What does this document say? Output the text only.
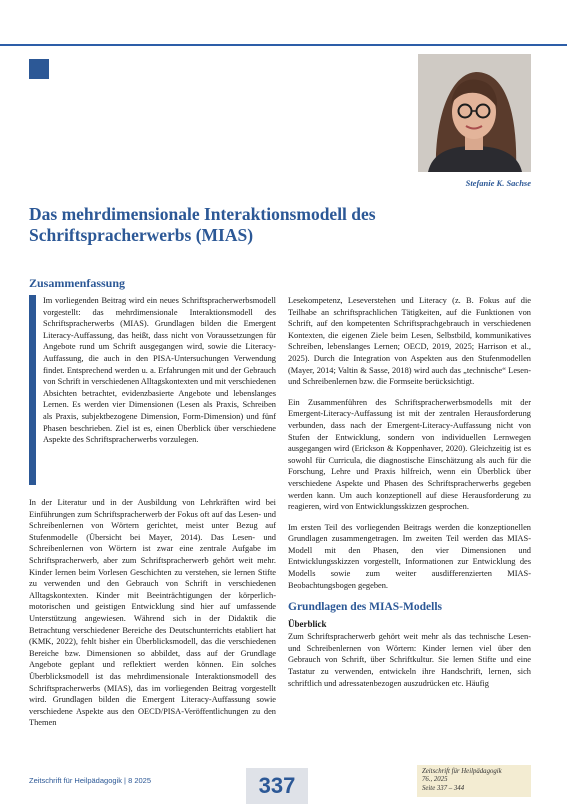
Stefanie K. Sachse
Das mehrdimensionale Interaktionsmodell des Schriftspracherwerbs (MIAS)
Zusammenfassung

Im vorliegenden Beitrag wird ein neues Schriftspracherwerbsmodell vorgestellt: das mehrdimensionale Interaktionsmodell des Schriftspracherwerbs (MIAS). Grundlagen bilden die Emergent Literacy-Auffassung, das heißt, dass nicht von Voraussetzungen für Angebote rund um Schrift ausgegangen wird, sowie die Literacy-Auffassung, die auch in den PISA-Untersuchungen Verwendung findet. Entsprechend werden u. a. Erfahrungen mit und der Gebrauch von Schrift in verschiedenen Alltagskontexten und mit verschiedenen Absichten betrachtet, evidenzbasierte Angebote und lebenslanges Lernen. Es werden vier Dimensionen (Lesen als Praxis, Schreiben als Praxis, subjektbezogene Dimension, Form-Dimension) und fünf Phasen beschrieben. Ziel ist es, einen Überblick über verschiedene Aspekte des Schriftspracherwerbs vorzulegen.

In der Literatur und in der Ausbildung von Lehrkräften wird bei Einführungen zum Schriftspracherwerb der Fokus oft auf das Lesen- und Schreibenlernen von Wörtern gerichtet, meist unter Bezug auf Stufenmodelle (Übersicht bei Mayer, 2014). Das Lesen- und Schreibenlernen von Wörtern ist zwar eine zentrale Aufgabe im Schriftspracherwerb, aber zum Schriftspracherwerb gehört weit mehr. Kinder lernen beim Vorlesen Geschichten zu verstehen, sie lernen Stifte zu verwenden und den Gebrauch von Schrift in verschiedenen Alltagskontexten. Kinder mit Beeinträchtigungen der körperlich-motorischen und geistigen Entwicklung sind hier auf umfassende Unterstützung angewiesen. Während sich in der Didaktik die Betrachtung verschiedener Bereiche des Deutschunterrichts etabliert hat (KMK, 2022), fehlt bisher ein Überblicksmodell, das die verschiedenen Bereiche bzw. Dimensionen so abbildet, dass auf der Grundlage Angebote geplant und reflektiert werden können. Ein solches Überblicksmodell ist das mehrdimensionale Interaktionsmodell des Schriftspracherwerbs (MIAS), das im vorliegenden Beitrag vorgestellt wird. Grundlagen bilden die Emergent Literacy-Auffassung sowie verschiedene Aspekte aus den OECD/PISA-Veröffentlichungen zu den Themen

Lesekompetenz, Leseverstehen und Literacy (z. B. Fokus auf die Teilhabe an schriftsprachlichen Tätigkeiten, auf die Funktionen von Schrift, auf den kompetenten Schriftsprachgebrauch in verschiedenen Kontexten, die eigenen Ziele beim Lesen, Selbstbild, kommunikatives Schreiben, lebenslanges Lernen; OECD, 2019, 2025; Harrison et al., 2025). Durch die Integration von Aspekten aus den Stufenmodellen (Mayer, 2014; Valtin & Sasse, 2018) wird auch das „technische“ Lesen- und Schreibenlernen bzw. die Formseite berücksichtigt.

Ein Zusammenführen des Schriftspracherwerbsmodells mit der Emergent-Literacy-Auffassung ist mit der zentralen Herausforderung verbunden, dass nach der Emergent-Literacy-Auffassung nicht von Stufen der Entwicklung, sondern von individuellen Lernwegen ausgegangen wird (Erickson & Koppenhaver, 2020). Gleichzeitig ist es sowohl für Curricula, die diagnostische Einschätzung als auch für die Forschung, Lehre und Praxis hilfreich, wenn ein Überblick über verschiedene Aspekte und Phasen des Schriftspracherwerbs gegeben werden kann. Um auch konzeptionell auf diese Herausforderung zu reagieren, wird von Entwicklungsskizzen gesprochen.

Im ersten Teil des vorliegenden Beitrags werden die konzeptionellen Grundlagen zusammengetragen. Im zweiten Teil werden das MIAS-Modell mit den Phasen, den vier Dimensionen und Entwicklungsskizzen vorgestellt, Informationen zur Entwicklung des Modells sowie zum weiter ausdifferenzierten MIAS-Beobachtungsbogen gegeben.

Grundlagen des MIAS-Modells
Überblick

Zum Schriftspracherwerb gehört weit mehr als das technische Lesen- und Schreibenlernen von Wörtern: Kinder lernen viel über den Gebrauch von Schrift, über Schriftkultur. Sie lernen Stifte und eine Tastatur zu verwenden, entwickeln ihre Handschrift, lernen, sich schriftlich und adressatenbezogen auszudrücken etc. Häufig

Zeitschrift für Heilpädagogik | 8 2025	337
Zeitschrift für Heilpädagogik
76., 2025
Seite 337 – 344
